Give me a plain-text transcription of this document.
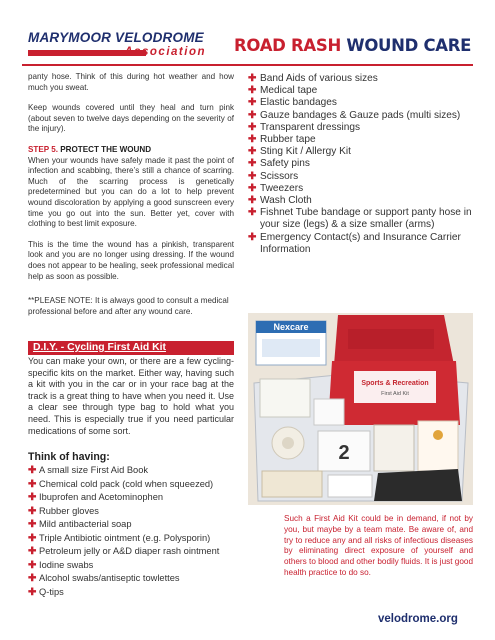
MARYMOOR VELODROME
Association ROAD RASH WOUND CARE

panty hose. Think of this during hot weather and how much you sweat.

Keep wounds covered until they heal and turn pink (about seven to twelve days depending on the severity of the injury).

STEP 5. PROTECT THE WOUND

When your wounds have safely made it past the point of infection and scabbing, there’s still a chance of scarring. Much of the scarring process is genetically predetermined but you can do a lot to help prevent wound discoloration by applying a good sunscreen every time you go out into the sun. Better yet, cover with clothing to best limit exposure.

This is the time the wound has a pinkish, transparent look and you are no longer using dressing. If the wound does not appear to be healing, seek professional medical help as soon as possible.

**PLEASE NOTE: It is always good to consult a medical professional before and after any wound care.

D.I.Y. - Cycling First Aid Kit

You can make your own, or there are a few cycling-specific kits on the market. Either way, having such a kit with you in the car or in your race bag at the track is a great thing to have when you need it. Use a clear see through type bag to hold what you need. This is especially true if you need particular medications of some sort.

Think of having:
✚ A small size First Aid Book
✚ Chemical cold pack (cold when squeezed)
✚ Ibuprofen and Acetominophen
✚ Rubber gloves
✚ Mild antibacterial soap
✚ Triple Antibiotic ointment (e.g. Polysporin)
✚ Petroleum jelly or A&D diaper rash ointment
✚ Iodine swabs
✚ Alcohol swabs/antiseptic towlettes
✚ Q-tips
✚ Band Aids of various sizes
✚ Medical tape
✚ Elastic bandages
✚ Gauze bandages & Gauze pads (multi sizes)
✚ Transparent dressings
✚ Rubber tape
✚ Sting Kit / Allergy Kit
✚ Safety pins
✚ Scissors
✚ Tweezers
✚ Wash Cloth
✚ Fishnet Tube bandage or support panty hose in your size (legs) & a size smaller (arms)
✚ Emergency Contact(s) and Insurance Carrier Information
Sports & Recreation
First Aid Kit
Nexcare
2

Such a First Aid Kit could be in demand, if not by you, but maybe by a team mate. Be aware of, and try to reduce any and all risks of infectious diseases by eliminating direct exposure of yourself and others to blood and other bodily fluids. It is just good health practice to do so.

velodrome.org
